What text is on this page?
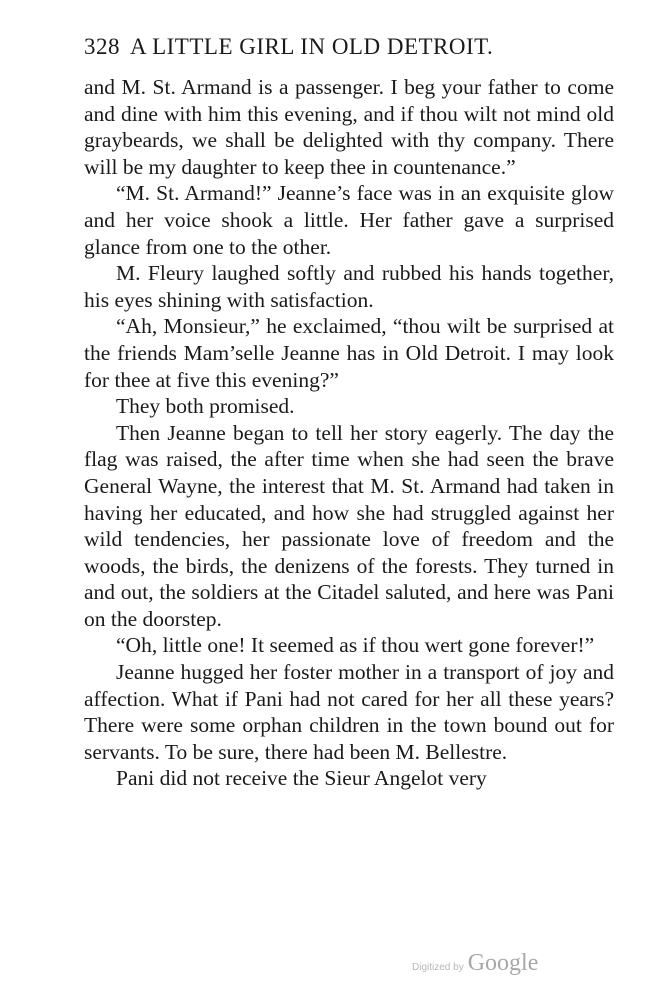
328 A LITTLE GIRL IN OLD DETROIT.

and M. St. Armand is a passenger. I beg your father to come and dine with him this evening, and if thou wilt not mind old graybeards, we shall be delighted with thy company. There will be my daughter to keep thee in countenance.”

“M. St. Armand!” Jeanne’s face was in an exquisite glow and her voice shook a little. Her father gave a surprised glance from one to the other.

M. Fleury laughed softly and rubbed his hands together, his eyes shining with satisfaction.

“Ah, Monsieur,” he exclaimed, “thou wilt be surprised at the friends Mam’selle Jeanne has in Old Detroit. I may look for thee at five this evening?”

They both promised.

Then Jeanne began to tell her story eagerly. The day the flag was raised, the after time when she had seen the brave General Wayne, the interest that M. St. Armand had taken in having her educated, and how she had struggled against her wild tendencies, her passionate love of freedom and the woods, the birds, the denizens of the forests. They turned in and out, the soldiers at the Citadel saluted, and here was Pani on the doorstep.

“Oh, little one! It seemed as if thou wert gone forever!”

Jeanne hugged her foster mother in a transport of joy and affection. What if Pani had not cared for her all these years? There were some orphan children in the town bound out for servants. To be sure, there had been M. Bellestre.

Pani did not receive the Sieur Angelot very

Digitized by Google
